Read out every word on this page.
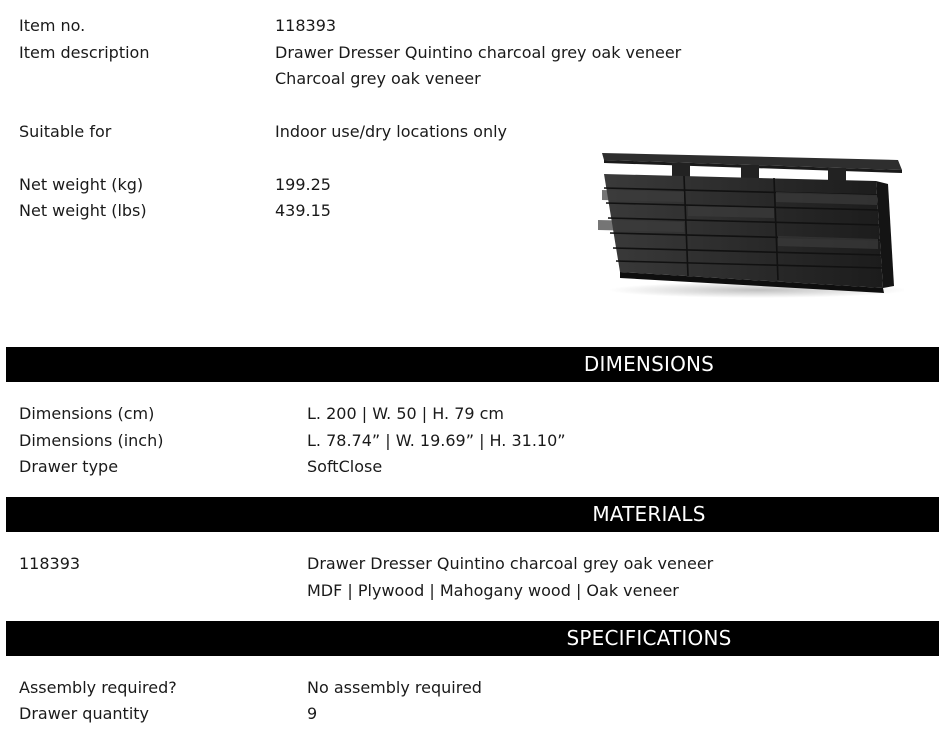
Item no.	118393
Item description	Drawer Dresser Quintino charcoal grey oak veneer
Charcoal grey oak veneer
Suitable for	Indoor use/dry locations only
Net weight (kg)	199.25
Net weight (lbs)	439.15
DIMENSIONS
Dimensions (cm)	L. 200 | W. 50 | H. 79 cm
Dimensions (inch)	L. 78.74” | W. 19.69” | H. 31.10”
Drawer type	SoftClose
MATERIALS
118393	Drawer Dresser Quintino charcoal grey oak veneer
MDF | Plywood | Mahogany wood | Oak veneer
SPECIFICATIONS
Assembly required?	No assembly required
Drawer quantity	9
